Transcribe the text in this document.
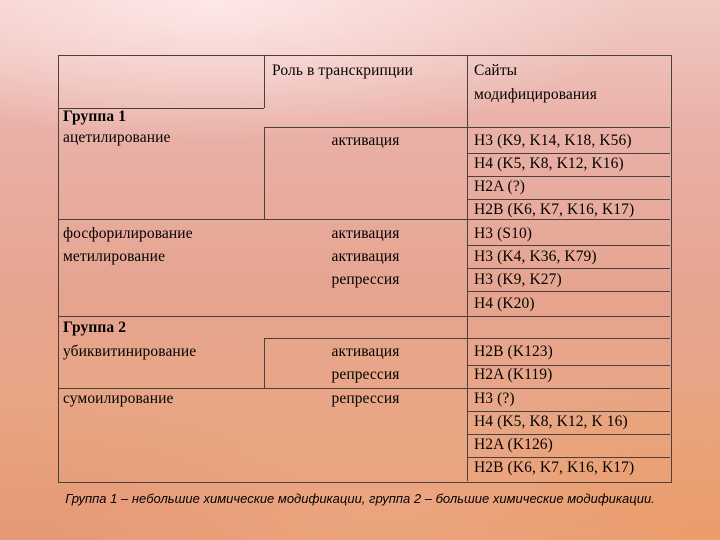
Роль в транскрипции	Сайты
модифицирования
Группа 1
Группа 2
ацетилирование
фосфорилирование
метилирование
убиквитинирование
сумоилирование
активация
активация
активация
репрессия
активация
репрессия
репрессия
H3 (K9, K14, K18, K56)
H4 (K5, K8, K12, K16)
H2A (?)
H2B (K6, K7, K16, K17)
H3 (S10)
H3 (K4, K36, K79)
H3 (K9, K27)
H4 (K20)
H2B (K123)
H2A (K119)
H3 (?)
H4 (K5, K8, K12, K 16)
H2A (K126)
H2B (K6, K7, K16, K17)
Группа 1 – небольшие химические модификации, группа 2 – большие химические модификации.
